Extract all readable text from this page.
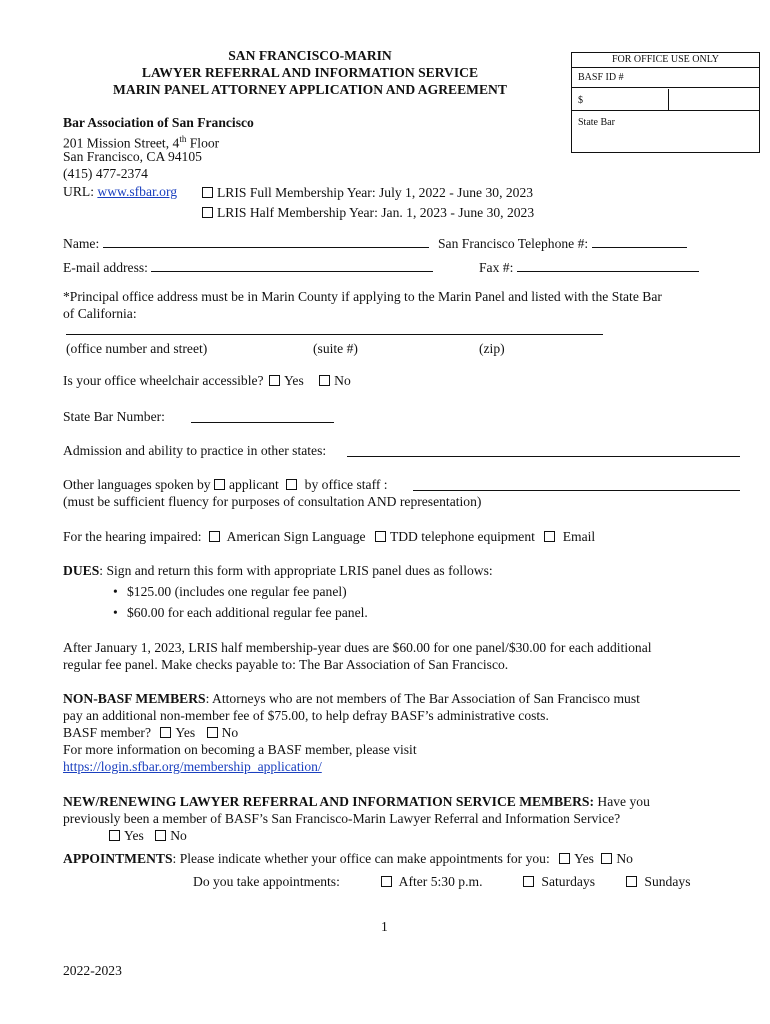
SAN FRANCISCO-MARIN
LAWYER REFERRAL AND INFORMATION SERVICE
MARIN PANEL ATTORNEY APPLICATION AND AGREEMENT
FOR OFFICE USE ONLY
BASF ID #
$
State Bar
Bar Association of San Francisco
201 Mission Street, 4th Floor
San Francisco, CA 94105
(415) 477-2374
URL: www.sfbar.org	LRIS Full Membership Year: July 1, 2022 - June 30, 2023
LRIS Half Membership Year: Jan. 1, 2023 - June 30, 2023
Name:	San Francisco Telephone #:
E-mail address:	Fax #:
*Principal office address must be in Marin County if applying to the Marin Panel and listed with the State Bar
of California:
(office number and street)	(suite #)	(zip)
Is your office wheelchair accessible? Yes No
State Bar Number:
Admission and ability to practice in other states:
Other languages spoken by applicant  by office staff :
(must be sufficient fluency for purposes of consultation AND representation)
For the hearing impaired: American Sign Language TDD telephone equipment Email
DUES: Sign and return this form with appropriate LRIS panel dues as follows:
• $125.00 (includes one regular fee panel)
• $60.00 for each additional regular fee panel.
After January 1, 2023, LRIS half membership-year dues are $60.00 for one panel/$30.00 for each additional
regular fee panel. Make checks payable to: The Bar Association of San Francisco.
NON-BASF MEMBERS: Attorneys who are not members of The Bar Association of San Francisco must
pay an additional non-member fee of $75.00, to help defray BASF’s administrative costs.
BASF member? Yes No
For more information on becoming a BASF member, please visit
https://login.sfbar.org/membership_application/
NEW/RENEWING LAWYER REFERRAL AND INFORMATION SERVICE MEMBERS: Have you
previously been a member of BASF’s San Francisco-Marin Lawyer Referral and Information Service?
Yes No
APPOINTMENTS: Please indicate whether your office can make appointments for you: Yes No
Do you take appointments:	After 5:30 p.m.	Saturdays	Sundays
1
2022-2023
